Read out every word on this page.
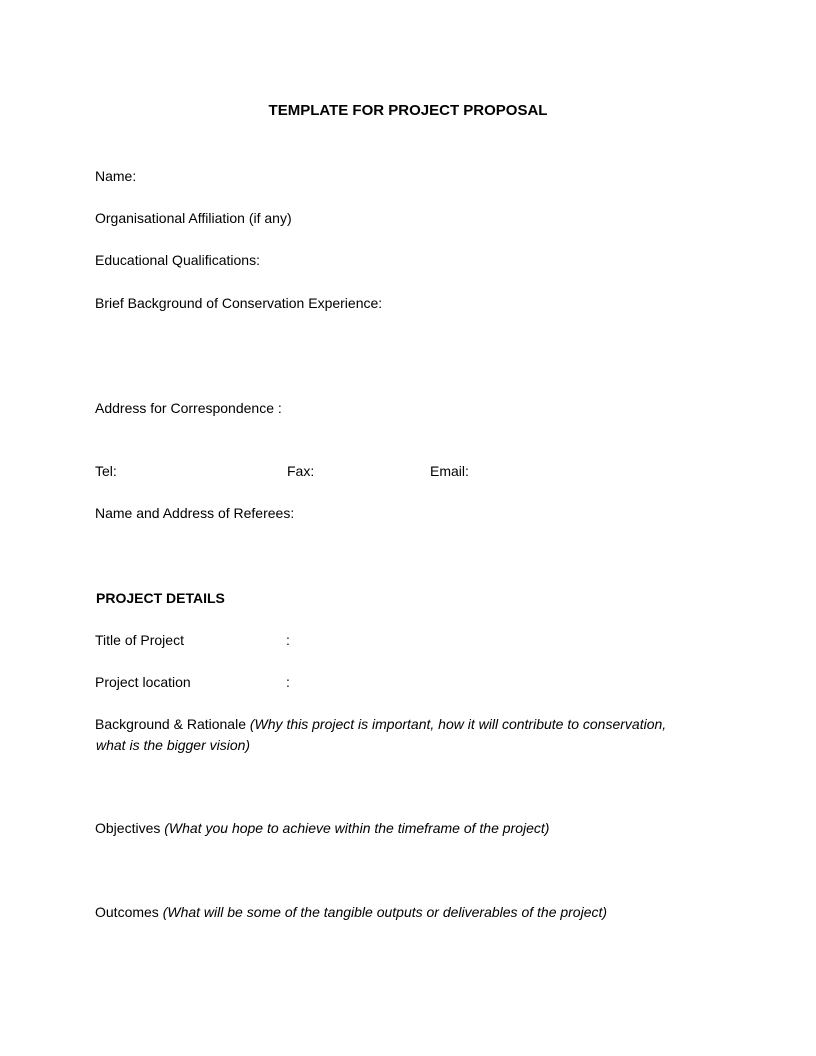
TEMPLATE FOR PROJECT PROPOSAL
Name:
Organisational Affiliation (if any)
Educational Qualifications:
Brief Background of Conservation Experience:
Address for Correspondence :
Tel:	Fax:	Email:
Name and Address of Referees:
PROJECT DETAILS
Title of Project	:
Project location	:
Background & Rationale (Why this project is important, how it will contribute to conservation,
what is the bigger vision)
Objectives (What you hope to achieve within the timeframe of the project)
Outcomes (What will be some of the tangible outputs or deliverables of the project)
